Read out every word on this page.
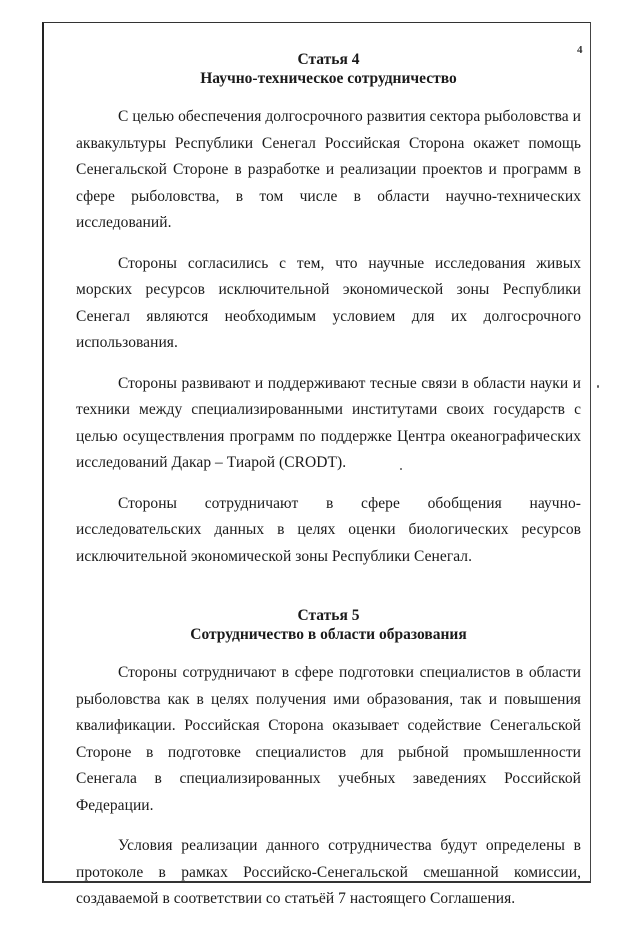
4
Статья 4
Научно-техническое сотрудничество

С целью обеспечения долгосрочного развития сектора рыболовства и аквакультуры Республики Сенегал Российская Сторона окажет помощь Сенегальской Стороне в разработке и реализации проектов и программ в сфере рыболовства, в том числе в области научно-технических исследований.

Стороны согласились с тем, что научные исследования живых морских ресурсов исключительной экономической зоны Республики Сенегал являются необходимым условием для их долгосрочного использования.

Стороны развивают и поддерживают тесные связи в области науки и техники между специализированными институтами своих государств с целью осуществления программ по поддержке Центра океанографических исследований Дакар – Тиарой (CRODT).

Стороны сотрудничают в сфере обобщения научно-исследовательских данных в целях оценки биологических ресурсов исключительной экономической зоны Республики Сенегал.

Статья 5
Сотрудничество в области образования

Стороны сотрудничают в сфере подготовки специалистов в области рыболовства как в целях получения ими образования, так и повышения квалификации. Российская Сторона оказывает содействие Сенегальской Стороне в подготовке специалистов для рыбной промышленности Сенегала в специализированных учебных заведениях Российской Федерации.

Условия реализации данного сотрудничества будут определены в протоколе в рамках Российско-Сенегальской смешанной комиссии, создаваемой в соответствии со статьёй 7 настоящего Соглашения.
